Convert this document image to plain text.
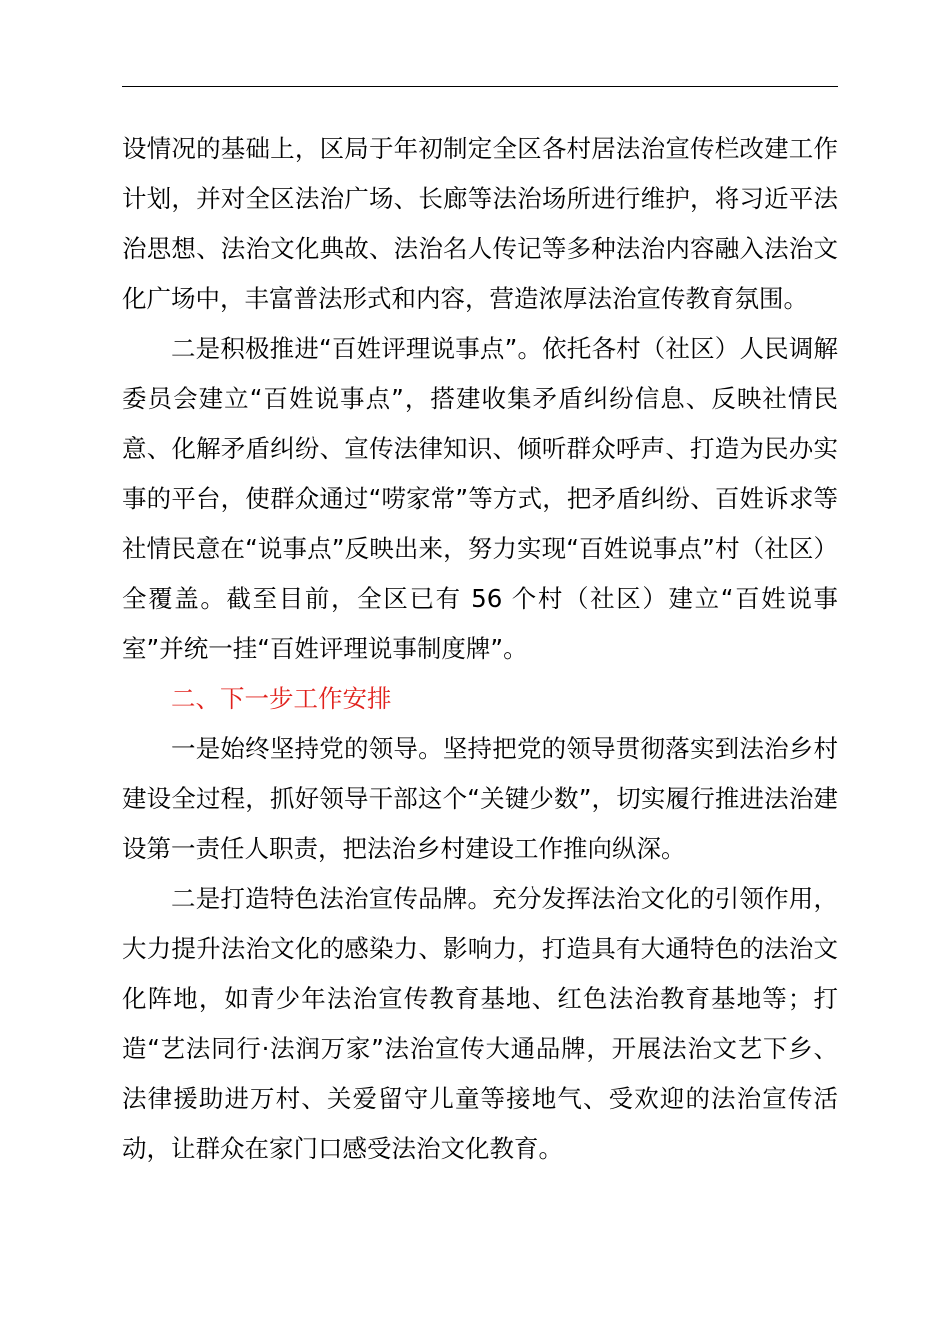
设情况的基础上，区局于年初制定全区各村居法治宣传栏改建工作计划，并对全区法治广场、长廊等法治场所进行维护，将习近平法治思想、法治文化典故、法治名人传记等多种法治内容融入法治文化广场中，丰富普法形式和内容，营造浓厚法治宣传教育氛围。

二是积极推进“百姓评理说事点”。依托各村（社区）人民调解委员会建立“百姓说事点”，搭建收集矛盾纠纷信息、反映社情民意、化解矛盾纠纷、宣传法律知识、倾听群众呼声、打造为民办实事的平台，使群众通过“唠家常”等方式，把矛盾纠纷、百姓诉求等社情民意在“说事点”反映出来，努力实现“百姓说事点”村（社区）全覆盖。截至目前，全区已有 56 个村（社区）建立“百姓说事室”并统一挂“百姓评理说事制度牌”。

二、下一步工作安排

一是始终坚持党的领导。坚持把党的领导贯彻落实到法治乡村建设全过程，抓好领导干部这个“关键少数”，切实履行推进法治建设第一责任人职责，把法治乡村建设工作推向纵深。

二是打造特色法治宣传品牌。充分发挥法治文化的引领作用，大力提升法治文化的感染力、影响力，打造具有大通特色的法治文化阵地，如青少年法治宣传教育基地、红色法治教育基地等；打造“艺法同行·法润万家”法治宣传大通品牌，开展法治文艺下乡、法律援助进万村、关爱留守儿童等接地气、受欢迎的法治宣传活动，让群众在家门口感受法治文化教育。
